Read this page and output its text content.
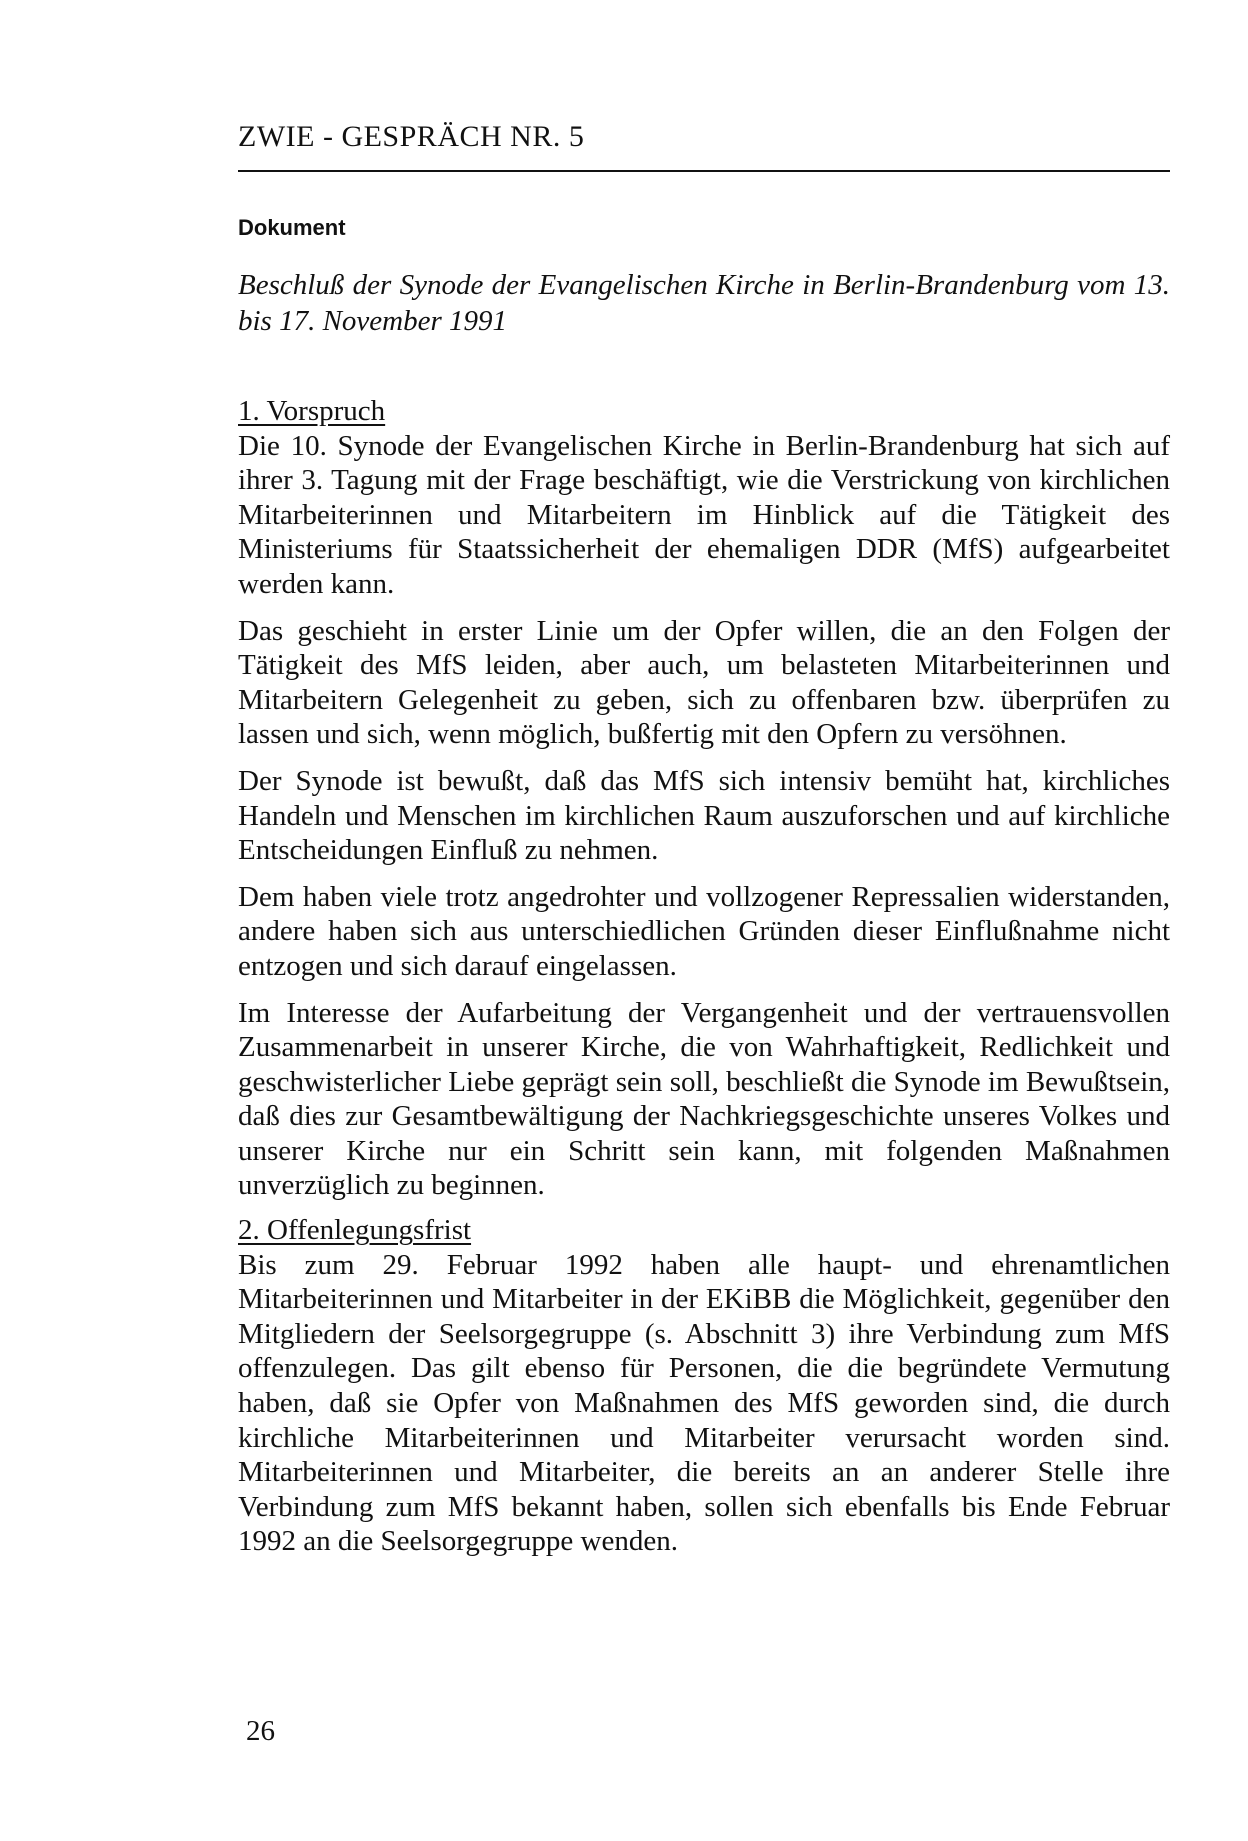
ZWIE - GESPRÄCH NR. 5
Dokument
Beschluß der Synode der Evangelischen Kirche in Berlin-Brandenburg vom 13. bis 17. November 1991
1. Vorspruch

Die 10. Synode der Evangelischen Kirche in Berlin-Brandenburg hat sich auf ihrer 3. Tagung mit der Frage beschäftigt, wie die Verstrickung von kirchlichen Mitarbeiterinnen und Mitarbeitern im Hinblick auf die Tätigkeit des Ministeriums für Staatssicherheit der ehemaligen DDR (MfS) aufgearbeitet werden kann.

Das geschieht in erster Linie um der Opfer willen, die an den Folgen der Tätigkeit des MfS leiden, aber auch, um belasteten Mitarbeiterinnen und Mitarbeitern Gelegenheit zu geben, sich zu offenbaren bzw. überprüfen zu lassen und sich, wenn möglich, bußfertig mit den Opfern zu versöhnen.

Der Synode ist bewußt, daß das MfS sich intensiv bemüht hat, kirchliches Handeln und Menschen im kirchlichen Raum auszuforschen und auf kirchliche Entscheidungen Einfluß zu nehmen.

Dem haben viele trotz angedrohter und vollzogener Repressalien widerstanden, andere haben sich aus unterschiedlichen Gründen dieser Einflußnahme nicht entzogen und sich darauf eingelassen.

Im Interesse der Aufarbeitung der Vergangenheit und der vertrauensvollen Zusammenarbeit in unserer Kirche, die von Wahrhaftigkeit, Redlichkeit und geschwisterlicher Liebe geprägt sein soll, beschließt die Synode im Bewußtsein, daß dies zur Gesamtbewältigung der Nachkriegsgeschichte unseres Volkes und unserer Kirche nur ein Schritt sein kann, mit folgenden Maßnahmen unverzüglich zu beginnen.

2. Offenlegungsfrist

Bis zum 29. Februar 1992 haben alle haupt- und ehrenamtlichen Mitarbeiterinnen und Mitarbeiter in der EKiBB die Möglichkeit, gegenüber den Mitgliedern der Seelsorgegruppe (s. Abschnitt 3) ihre Verbindung zum MfS offenzulegen. Das gilt ebenso für Personen, die die begründete Vermutung haben, daß sie Opfer von Maßnahmen des MfS geworden sind, die durch kirchliche Mitarbeiterinnen und Mitarbeiter verursacht worden sind. Mitarbeiterinnen und Mitarbeiter, die bereits an an anderer Stelle ihre Verbindung zum MfS bekannt haben, sollen sich ebenfalls bis Ende Februar 1992 an die Seelsorgegruppe wenden.

26
